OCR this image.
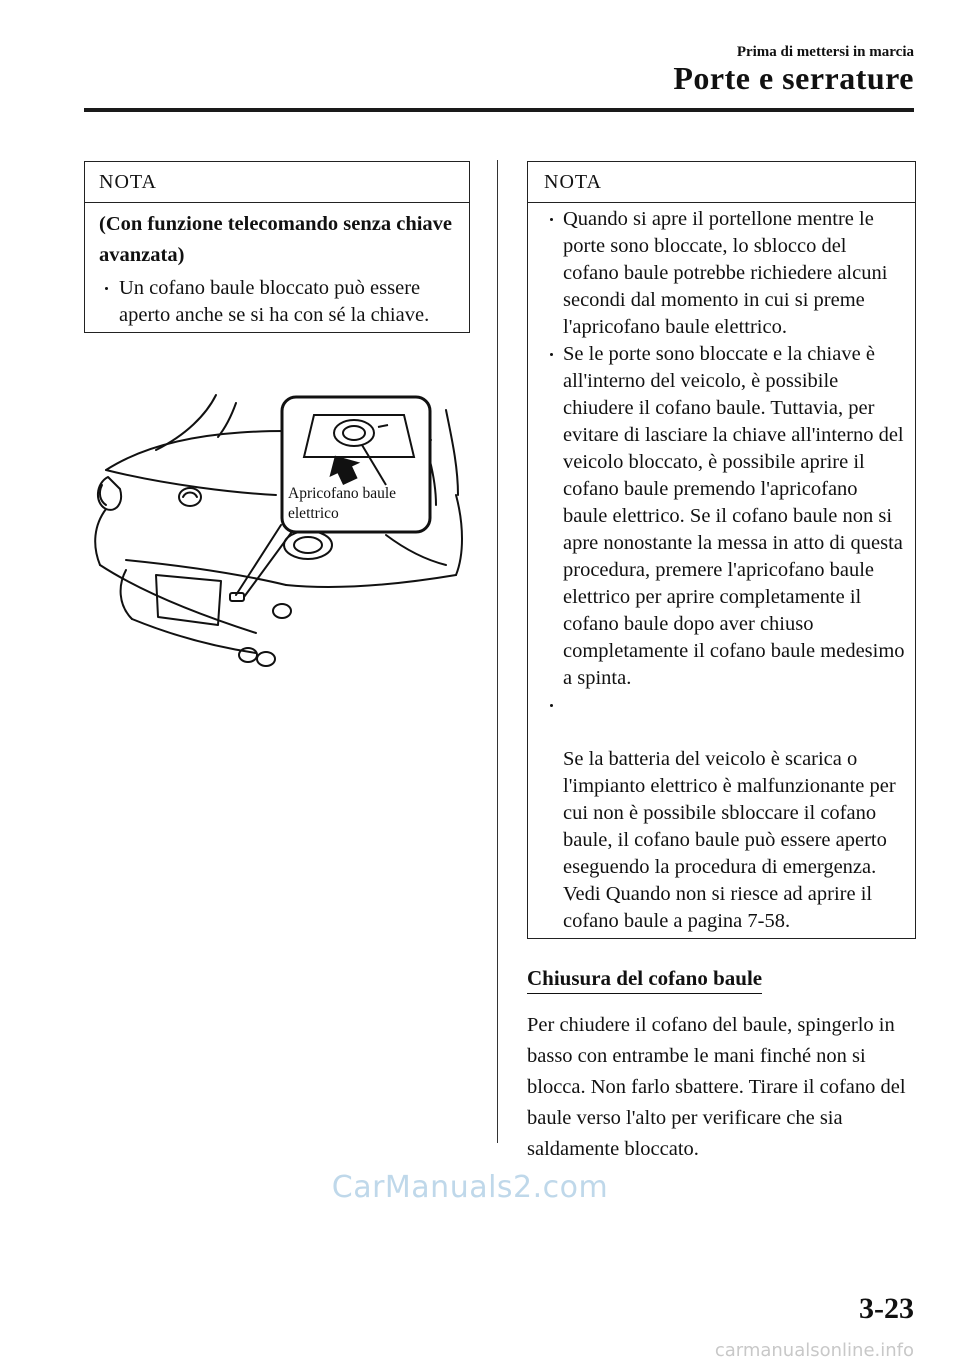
Prima di mettersi in marcia
Porte e serrature
NOTA
(Con funzione telecomando senza chiave avanzata)
Un cofano baule bloccato può essere aperto anche se si ha con sé la chiave.
Apricofano baule
elettrico
NOTA
Quando si apre il portellone mentre le porte sono bloccate, lo sblocco del cofano baule potrebbe richiedere alcuni secondi dal momento in cui si preme l'apricofano baule elettrico.
Se le porte sono bloccate e la chiave è all'interno del veicolo, è possibile chiudere il cofano baule. Tuttavia, per evitare di lasciare la chiave all'interno del veicolo bloccato, è possibile aprire il cofano baule premendo l'apricofano baule elettrico. Se il cofano baule non si apre nonostante la messa in atto di questa procedura, premere l'apricofano baule elettrico per aprire completamente il cofano baule dopo aver chiuso completamente il cofano baule medesimo a spinta.

Se la batteria del veicolo è scarica o l'impianto elettrico è malfunzionante per cui non è possibile sbloccare il cofano baule, il cofano baule può essere aperto eseguendo la procedura di emergenza.
Vedi Quando non si riesce ad aprire il cofano baule a pagina 7-58.

Chiusura del cofano baule
Per chiudere il cofano del baule, spingerlo in basso con entrambe le mani finché non si blocca. Non farlo sbattere. Tirare il cofano del baule verso l'alto per verificare che sia saldamente bloccato.
CarManuals2.com
3-23
carmanualsonline.info
